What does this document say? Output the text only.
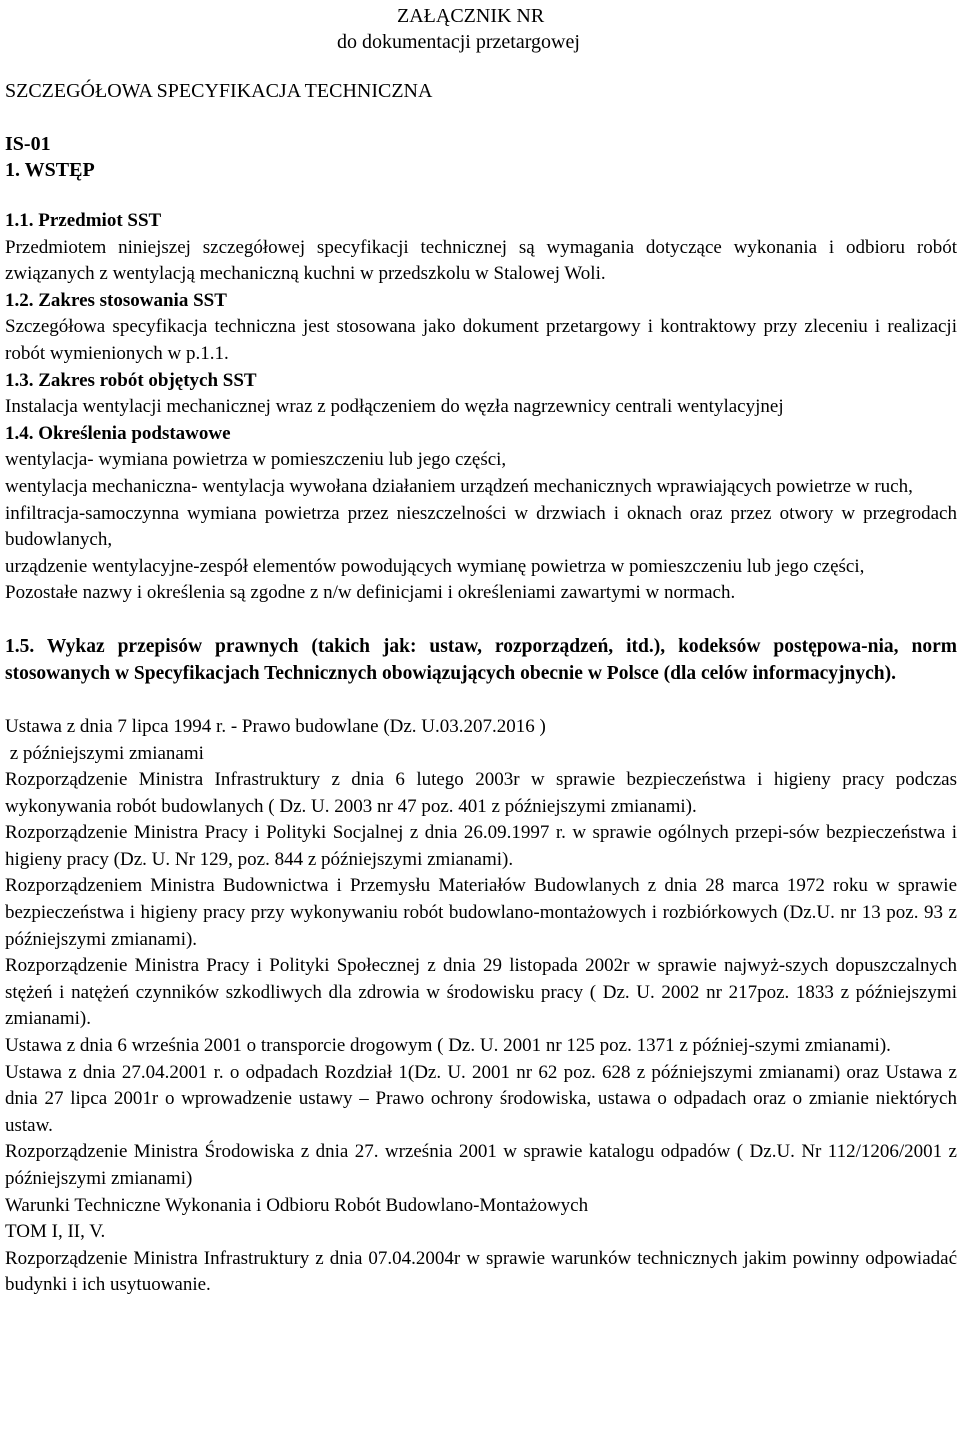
ZAŁĄCZNIK NR
do dokumentacji przetargowej
SZCZEGÓŁOWA SPECYFIKACJA TECHNICZNA
IS-01
1. WSTĘP

1.1. Przedmiot SST

Przedmiotem niniejszej szczegółowej specyfikacji technicznej są wymagania dotyczące wykonania i odbioru robót związanych z wentylacją mechaniczną kuchni w przedszkolu w Stalowej Woli.

1.2. Zakres stosowania SST

Szczegółowa specyfikacja techniczna jest stosowana jako dokument przetargowy i kontraktowy przy zleceniu i realizacji robót wymienionych w p.1.1.

1.3. Zakres robót objętych SST

Instalacja wentylacji mechanicznej wraz z podłączeniem do węzła nagrzewnicy centrali wentylacyjnej

1.4. Określenia podstawowe

wentylacja- wymiana powietrza w pomieszczeniu lub jego części,

wentylacja mechaniczna- wentylacja wywołana działaniem urządzeń mechanicznych wprawiających powietrze w ruch,

infiltracja-samoczynna wymiana powietrza przez nieszczelności w drzwiach i oknach oraz przez otwory w przegrodach budowlanych,

urządzenie wentylacyjne-zespół elementów powodujących wymianę powietrza w pomieszczeniu lub jego części,

Pozostałe nazwy i określenia są zgodne z n/w definicjami i określeniami zawartymi w normach.

1.5. Wykaz przepisów prawnych (takich jak: ustaw, rozporządzeń, itd.), kodeksów postępowa-nia, norm stosowanych w Specyfikacjach Technicznych obowiązujących obecnie w Polsce (dla celów informacyjnych).

Ustawa z dnia 7 lipca 1994 r. - Prawo budowlane (Dz. U.03.207.2016 )

z późniejszymi zmianami

Rozporządzenie Ministra Infrastruktury z dnia 6 lutego 2003r w sprawie bezpieczeństwa i higieny pracy podczas wykonywania robót budowlanych ( Dz. U. 2003 nr 47 poz. 401 z późniejszymi zmianami).

Rozporządzenie Ministra Pracy i Polityki Socjalnej z dnia 26.09.1997 r. w sprawie ogólnych przepi-sów bezpieczeństwa i higieny pracy (Dz. U. Nr 129, poz. 844 z późniejszymi zmianami).

Rozporządzeniem Ministra Budownictwa i Przemysłu Materiałów Budowlanych z dnia 28 marca 1972 roku w sprawie bezpieczeństwa i higieny pracy przy wykonywaniu robót budowlano-montażowych i rozbiórkowych (Dz.U. nr 13 poz. 93 z późniejszymi zmianami).

Rozporządzenie Ministra Pracy i Polityki Społecznej z dnia 29 listopada 2002r w sprawie najwyż-szych dopuszczalnych stężeń i natężeń czynników szkodliwych dla zdrowia w środowisku pracy ( Dz. U. 2002 nr 217poz. 1833 z późniejszymi zmianami).

Ustawa z dnia 6 września 2001 o transporcie drogowym ( Dz. U. 2001 nr 125 poz. 1371 z później-szymi zmianami).

Ustawa z dnia 27.04.2001 r. o odpadach Rozdział 1(Dz. U. 2001 nr 62 poz. 628 z późniejszymi zmianami) oraz Ustawa z dnia 27 lipca 2001r o wprowadzenie ustawy – Prawo ochrony środowiska, ustawa o odpadach oraz o zmianie niektórych ustaw.

Rozporządzenie Ministra Środowiska z dnia 27. września 2001 w sprawie katalogu odpadów ( Dz.U. Nr 112/1206/2001 z późniejszymi zmianami)

Warunki Techniczne Wykonania i Odbioru Robót Budowlano-Montażowych

TOM I, II, V.

Rozporządzenie Ministra Infrastruktury z dnia 07.04.2004r w sprawie warunków technicznych jakim powinny odpowiadać budynki i ich usytuowanie.
